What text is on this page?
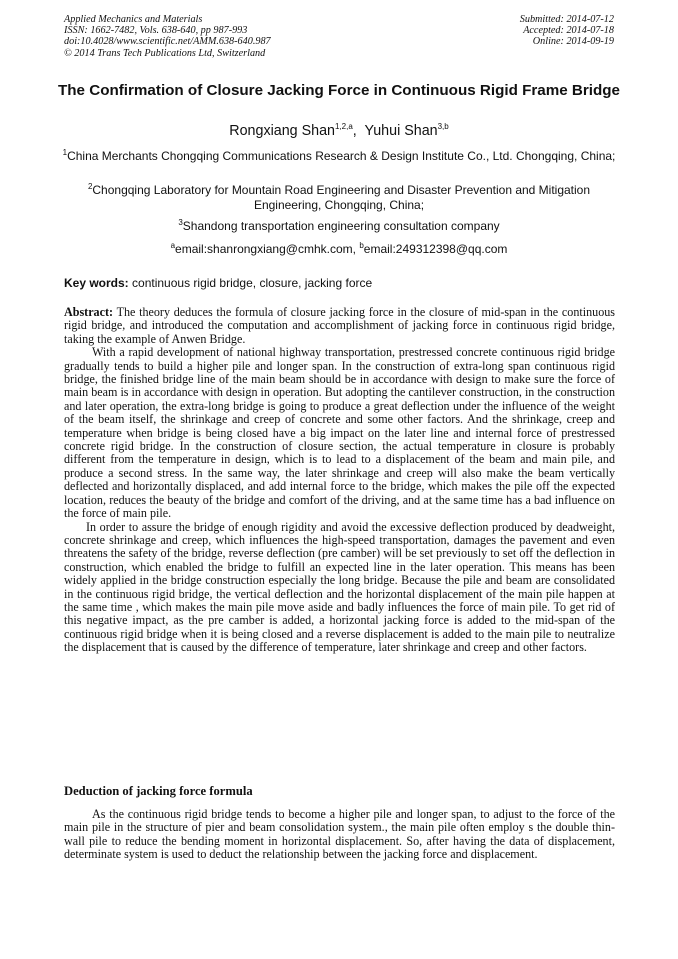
Applied Mechanics and Materials
ISSN: 1662-7482, Vols. 638-640, pp 987-993
doi:10.4028/www.scientific.net/AMM.638-640.987
© 2014 Trans Tech Publications Ltd, Switzerland
Submitted: 2014-07-12
Accepted: 2014-07-18
Online: 2014-09-19
The Confirmation of Closure Jacking Force in Continuous Rigid Frame Bridge
Rongxiang Shan$^{1,2,a}$,  Yuhui Shan$^{3,b}$
$^1$China Merchants Chongqing Communications Research & Design Institute Co., Ltd. Chongqing, China;
$^2$Chongqing Laboratory for Mountain Road Engineering and Disaster Prevention and Mitigation Engineering, Chongqing, China;
$^3$Shandong transportation engineering consultation company
$^a$email:shanrongxiang@cmhk.com, $^b$email:249312398@qq.com
Key words: continuous rigid bridge, closure, jacking force

Abstract: The theory deduces the formula of closure jacking force in the closure of mid-span in the continuous rigid bridge, and introduced the computation and accomplishment of jacking force in continuous rigid bridge, taking the example of Anwen Bridge.

With a rapid development of national highway transportation, prestressed concrete continuous rigid bridge gradually tends to build a higher pile and longer span. In the construction of extra-long span continuous rigid bridge, the finished bridge line of the main beam should be in accordance with design to make sure the force of main beam is in accordance with design in operation. But adopting the cantilever construction, in the construction and later operation, the extra-long bridge is going to produce a great deflection under the influence of the weight of the beam itself, the shrinkage and creep of concrete and some other factors. And the shrinkage, creep and temperature when bridge is being closed have a big impact on the later line and internal force of prestressed concrete rigid bridge. In the construction of closure section, the actual temperature in closure is probably different from the temperature in design, which is to lead to a displacement of the beam and main pile, and produce a second stress. In the same way, the later shrinkage and creep will also make the beam vertically deflected and horizontally displaced, and add internal force to the bridge, which makes the pile off the expected location, reduces the beauty of the bridge and comfort of the driving, and at the same time has a bad influence on the force of main pile.

In order to assure the bridge of enough rigidity and avoid the excessive deflection produced by deadweight, concrete shrinkage and creep, which influences the high-speed transportation, damages the pavement and even threatens the safety of the bridge, reverse deflection (pre camber) will be set previously to set off the deflection in construction, which enabled the bridge to fulfill an expected line in the later operation. This means has been widely applied in the bridge construction especially the long bridge. Because the pile and beam are consolidated in the continuous rigid bridge, the vertical deflection and the horizontal displacement of the main pile happen at the same time , which makes the main pile move aside and badly influences the force of main pile. To get rid of this negative impact, as the pre camber is added, a horizontal jacking force is added to the mid-span of the continuous rigid bridge when it is being closed and a reverse displacement is added to the main pile to neutralize the displacement that is caused by the difference of temperature, later shrinkage and creep and other factors.

Deduction of jacking force formula

As the continuous rigid bridge tends to become a higher pile and longer span, to adjust to the force of the main pile in the structure of pier and beam consolidation system., the main pile often employ s the double thin-wall pile to reduce the bending moment in horizontal displacement. So, after having the data of displacement, determinate system is used to deduct the relationship between the jacking force and displacement.
